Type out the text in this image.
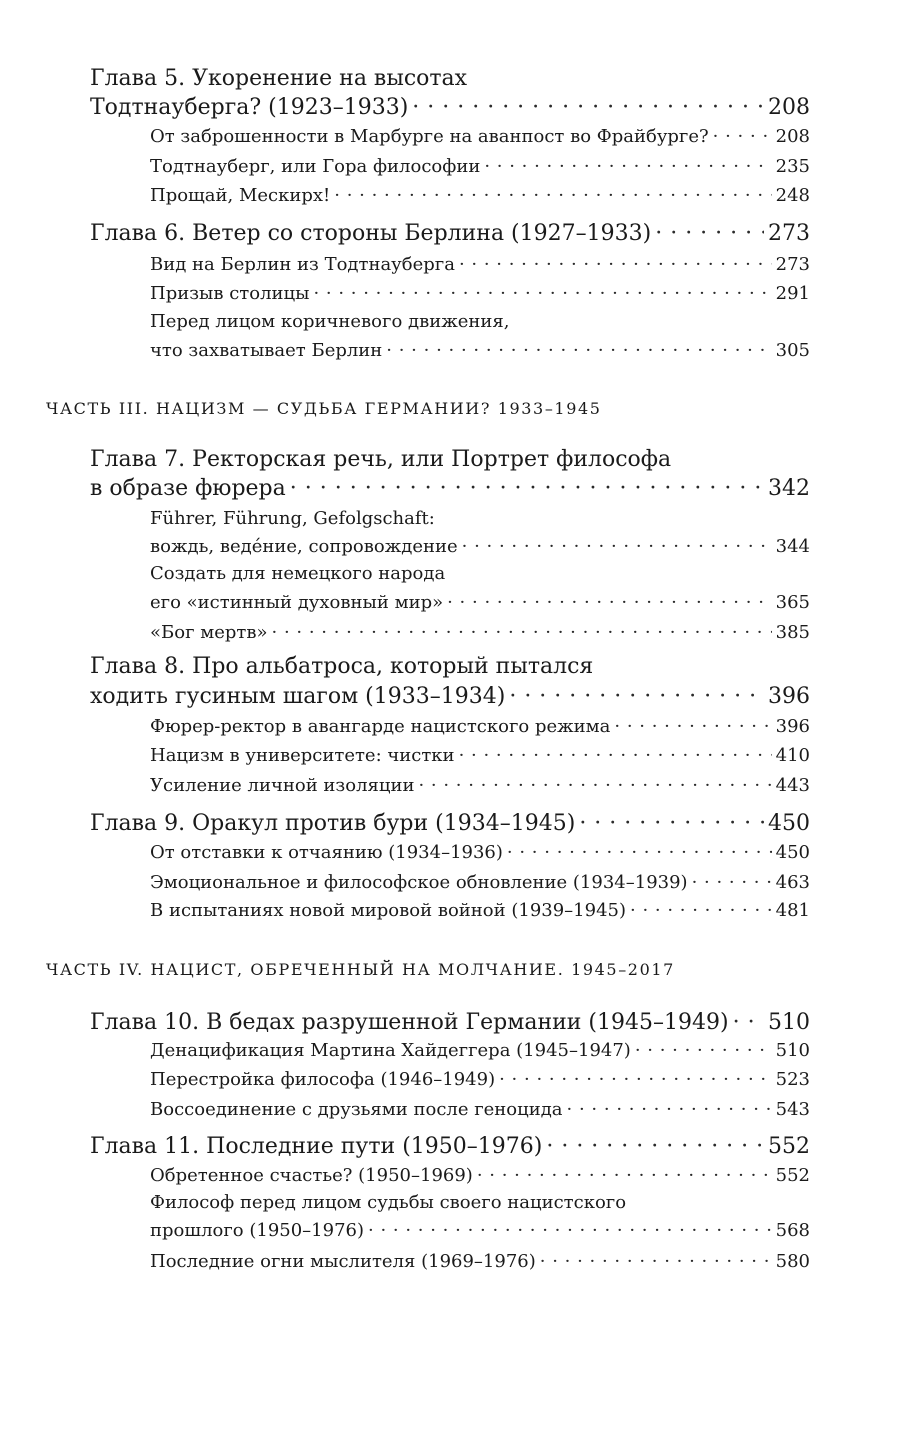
Глава 5. Укоренение на высотах
Тодтнауберга? (1923–1933) · · ·	208
От заброшенности в Марбурге на аванпост во Фрайбурге? · · ·	208
Тодтнауберг, или Гора философии · · ·	235
Прощай, Мескирх! · · ·	248
Глава 6. Ветер со стороны Берлина (1927–1933) · · ·	273
Вид на Берлин из Тодтнауберга · · ·	273
Призыв столицы · · ·	291
Перед лицом коричневого движения,
что захватывает Берлин · · ·	305
ЧАСТЬ III. НАЦИЗМ — СУДЬБА ГЕРМАНИИ? 1933–1945
Глава 7. Ректорская речь, или Портрет философа
в образе фюрера · · ·	342
Führer, Führung, Gefolgschaft:
вождь, веде́ние, сопровождение · · ·	344
Создать для немецкого народа
его «истинный духовный мир» · · ·	365
«Бог мертв» · · ·	385
Глава 8. Про альбатроса, который пытался
ходить гусиным шагом (1933–1934) · · ·	396
Фюрер-ректор в авангарде нацистского режима · · ·	396
Нацизм в университете: чистки · · ·	410
Усиление личной изоляции · · ·	443
Глава 9. Оракул против бури (1934–1945) · · ·	450
От отставки к отчаянию (1934–1936) · · ·	450
Эмоциональное и философское обновление (1934–1939) · · ·	463
В испытаниях новой мировой войной (1939–1945) · · ·	481
ЧАСТЬ IV. НАЦИСТ, ОБРЕЧЕННЫЙ НА МОЛЧАНИЕ. 1945–2017
Глава 10. В бедах разрушенной Германии (1945–1949) · · · 510
Денацификация Мартина Хайдеггера (1945–1947) · · ·	510
Перестройка философа (1946–1949) · · ·	523
Воссоединение с друзьями после геноцида · · ·	543
Глава 11. Последние пути (1950–1976) · · ·	552
Обретенное счастье? (1950–1969) · · ·	552
Философ перед лицом судьбы своего нацистского
прошлого (1950–1976) · · ·	568
Последние огни мыслителя (1969–1976) · · ·	580
